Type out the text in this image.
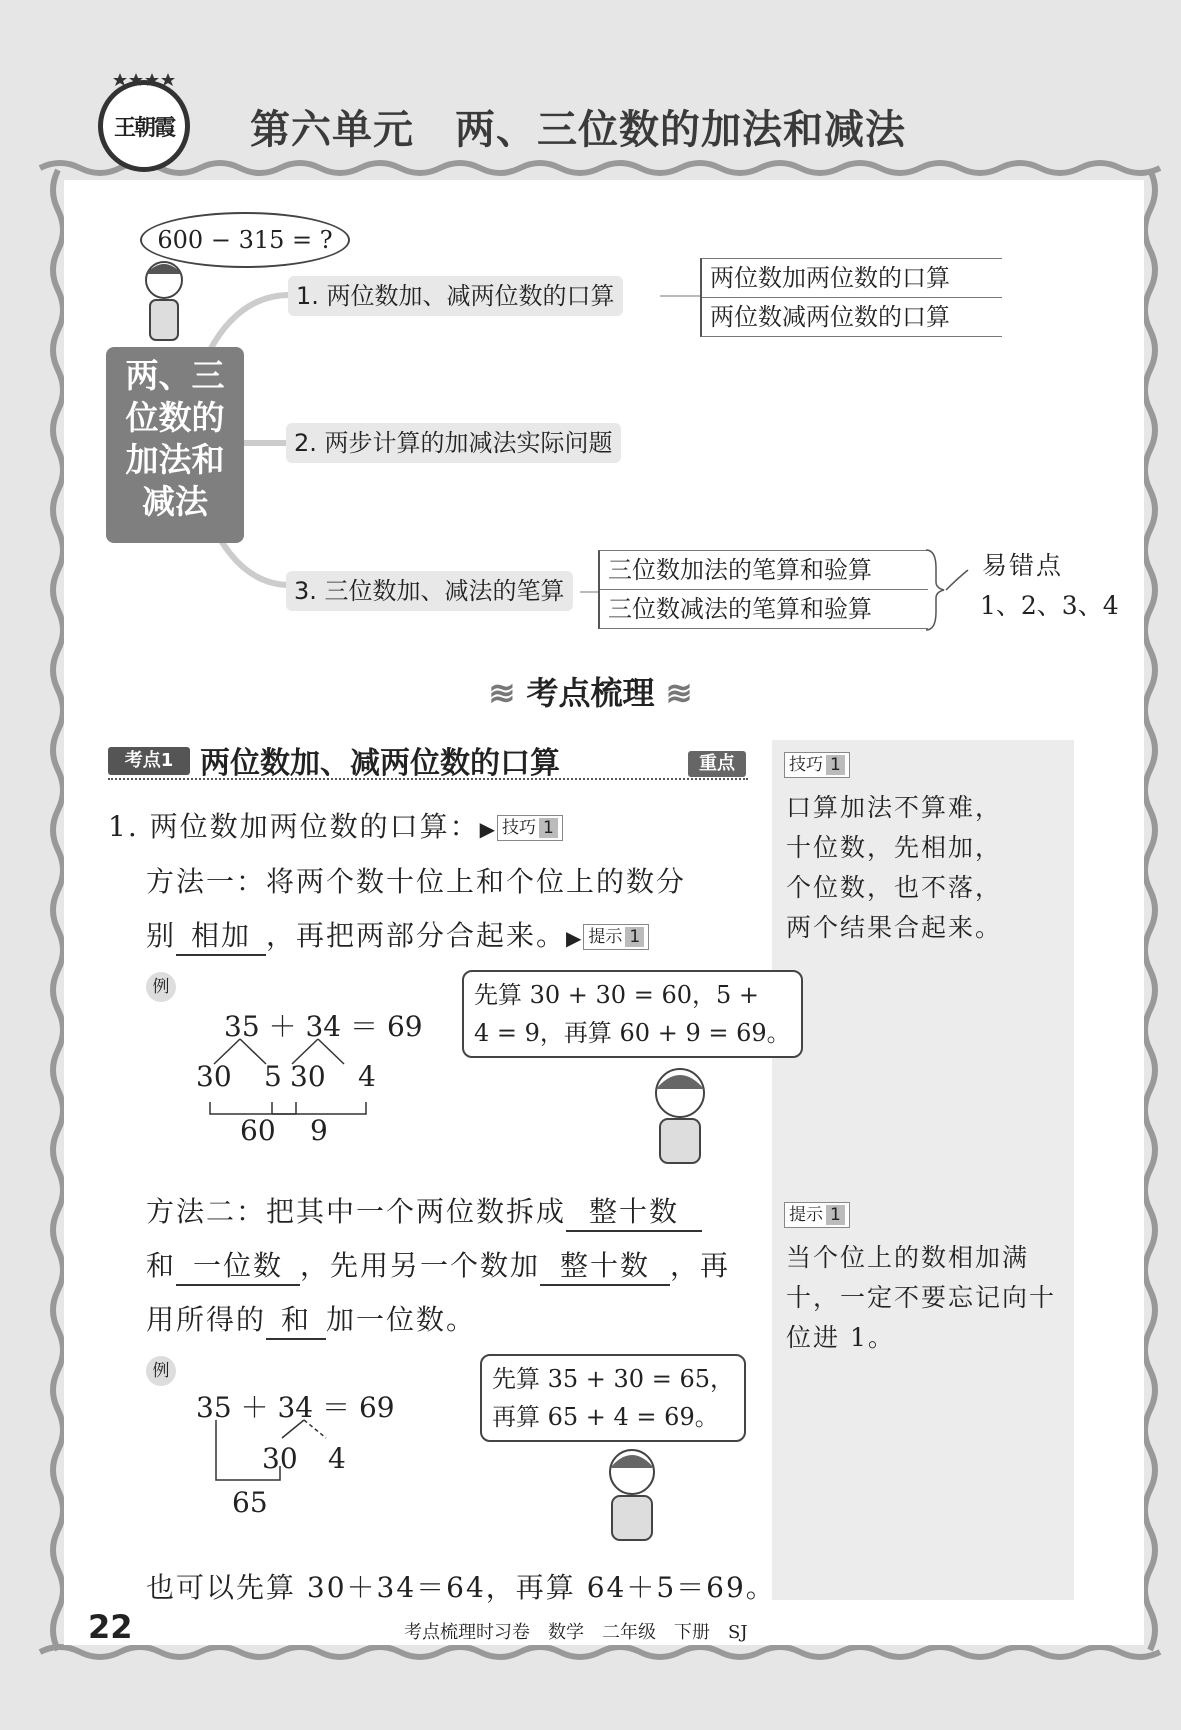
王朝霞 第六单元　两、三位数的加法和减法
600 − 315 = ?
两、三
位数的
加法和
减法
1. 两位数加、减两位数的口算
两位数加两位数的口算
两位数减两位数的口算
2. 两步计算的加减法实际问题
3. 三位数加、减法的笔算
三位数加法的笔算和验算
三位数减法的笔算和验算
易错点
1、2、3、4
≋ 考点梳理 ≋
考点1 两位数加、减两位数的口算	重点	技巧 1
口算加法不算难，
十位数，先相加，
个位数，也不落，
两个结果合起来。
提示 1
当个位上的数相加满
十，一定不要忘记向十
位进 1。
1. 两位数加两位数的口算：▶ 技巧 1
方法一：将两个数十位上和个位上的数分
别 相加 ，再把两部分合起来。▶ 提示 1
例
35 ＋ 34 ＝ 69
30 5 30 4
60 9
先算 30 + 30 = 60，5 +
4 = 9，再算 60 + 9 = 69。
方法二：把其中一个两位数拆成 整十数
和 一位数 ，先用另一个数加 整十数 ，再
用所得的 和 加一位数。
例
35 ＋ 34 ＝ 69
30 4
65
先算 35 + 30 = 65，
再算 65 + 4 = 69。
也可以先算 30＋34＝64，再算 64＋5＝69。
22	考点梳理时习卷　数学　二年级　下册　SJ
